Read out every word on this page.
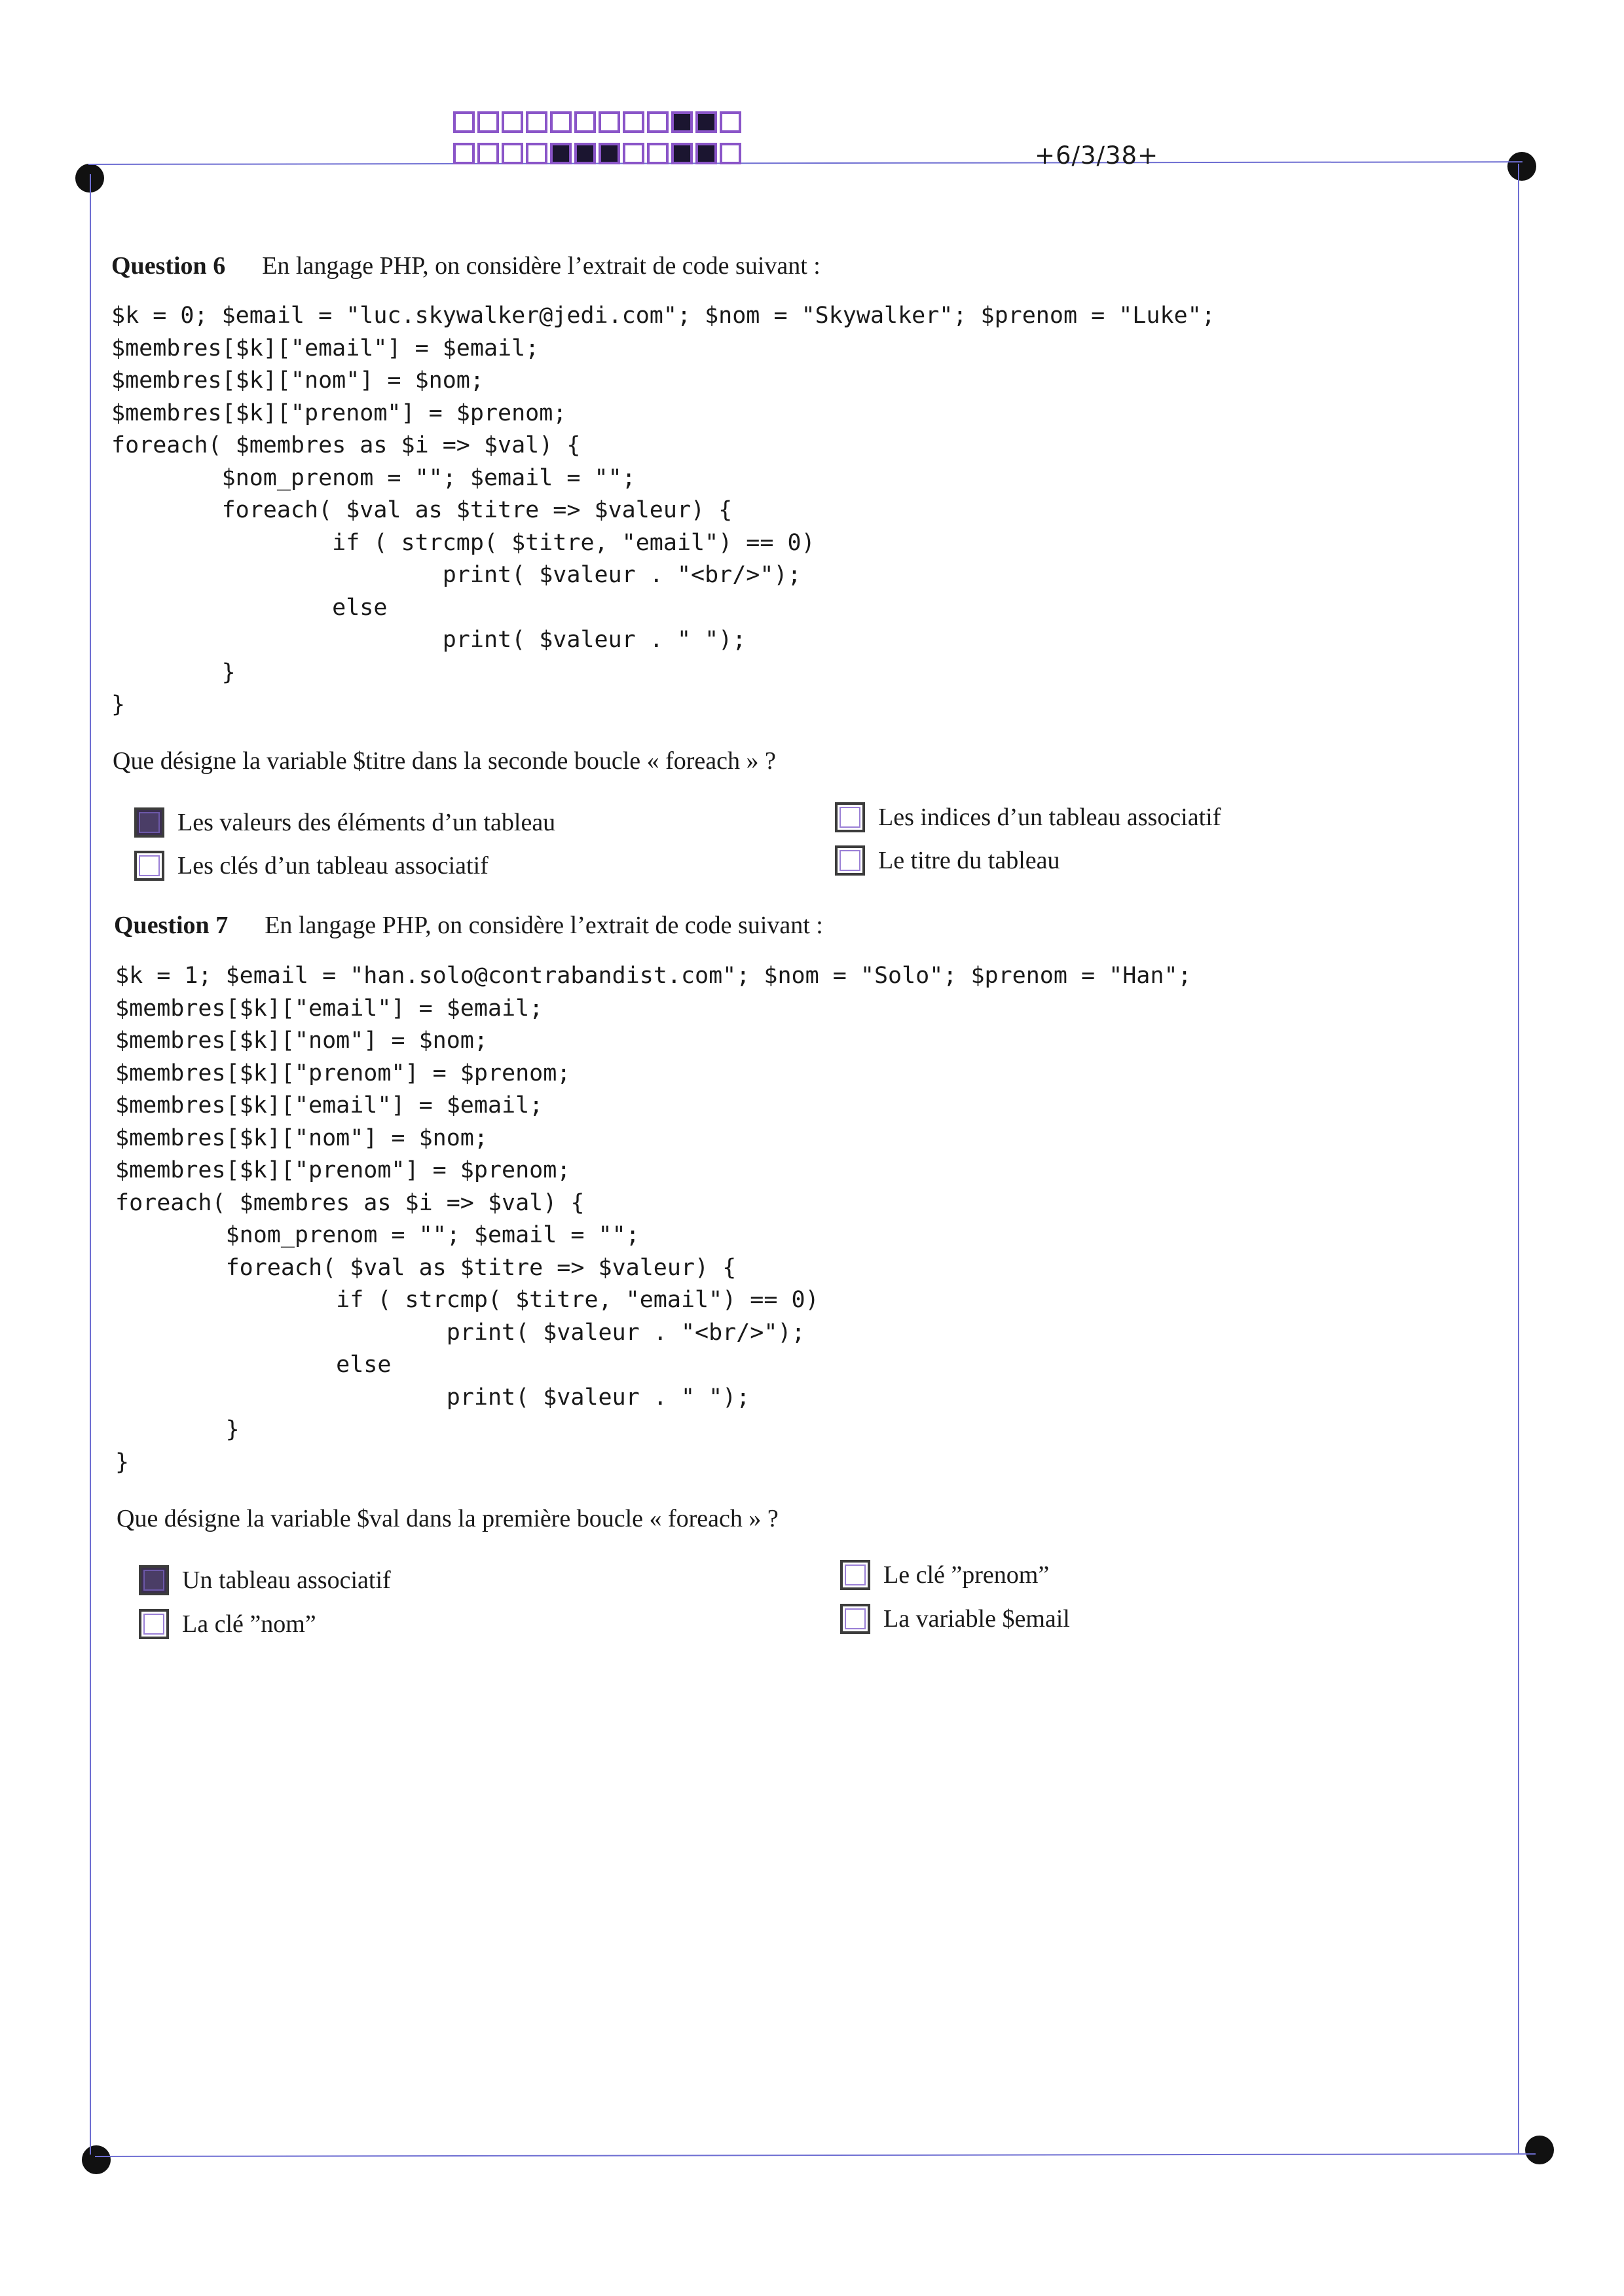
+6/3/38+
Question 6 En langage PHP, on considère l’extrait de code suivant :
$k = 0; $email = "luc.skywalker@jedi.com"; $nom = "Skywalker"; $prenom = "Luke";
$membres[$k]["email"] = $email;
$membres[$k]["nom"] = $nom;
$membres[$k]["prenom"] = $prenom;
foreach( $membres as $i => $val) {
$nom_prenom = ""; $email = "";
foreach( $val as $titre => $valeur) {
if ( strcmp( $titre, "email") == 0)
print( $valeur . "<br/>");
else
print( $valeur . " ");
}
}
Que désigne la variable $titre dans la seconde boucle « foreach » ?
Les valeurs des éléments d’un tableau	Les indices d’un tableau associatif
Les clés d’un tableau associatif	Le titre du tableau
Question 7 En langage PHP, on considère l’extrait de code suivant :
$k = 1; $email = "han.solo@contrabandist.com"; $nom = "Solo"; $prenom = "Han";
$membres[$k]["email"] = $email;
$membres[$k]["nom"] = $nom;
$membres[$k]["prenom"] = $prenom;
$membres[$k]["email"] = $email;
$membres[$k]["nom"] = $nom;
$membres[$k]["prenom"] = $prenom;
foreach( $membres as $i => $val) {
$nom_prenom = ""; $email = "";
foreach( $val as $titre => $valeur) {
if ( strcmp( $titre, "email") == 0)
print( $valeur . "<br/>");
else
print( $valeur . " ");
}
}
Que désigne la variable $val dans la première boucle « foreach » ?
Un tableau associatif	Le clé ”prenom”
La clé ”nom”	La variable $email
